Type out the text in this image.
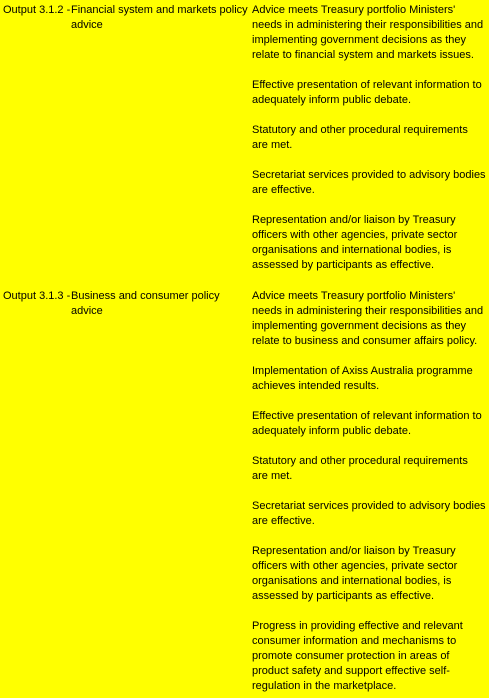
Output 3.1.2 - Financial system and markets policy advice
Advice meets Treasury portfolio Ministers' needs in administering their responsibilities and implementing government decisions as they relate to financial system and markets issues.
Effective presentation of relevant information to adequately inform public debate.
Statutory and other procedural requirements are met.
Secretariat services provided to advisory bodies are effective.
Representation and/or liaison by Treasury officers with other agencies, private sector organisations and international bodies, is assessed by participants as effective.
Output 3.1.3 - Business and consumer policy advice
Advice meets Treasury portfolio Ministers' needs in administering their responsibilities and implementing government decisions as they relate to business and consumer affairs policy.
Implementation of Axiss Australia programme achieves intended results.
Effective presentation of relevant information to adequately inform public debate.
Statutory and other procedural requirements are met.
Secretariat services provided to advisory bodies are effective.
Representation and/or liaison by Treasury officers with other agencies, private sector organisations and international bodies, is assessed by participants as effective.
Progress in providing effective and relevant consumer information and mechanisms to promote consumer protection in areas of product safety and support effective self-regulation in the marketplace.
